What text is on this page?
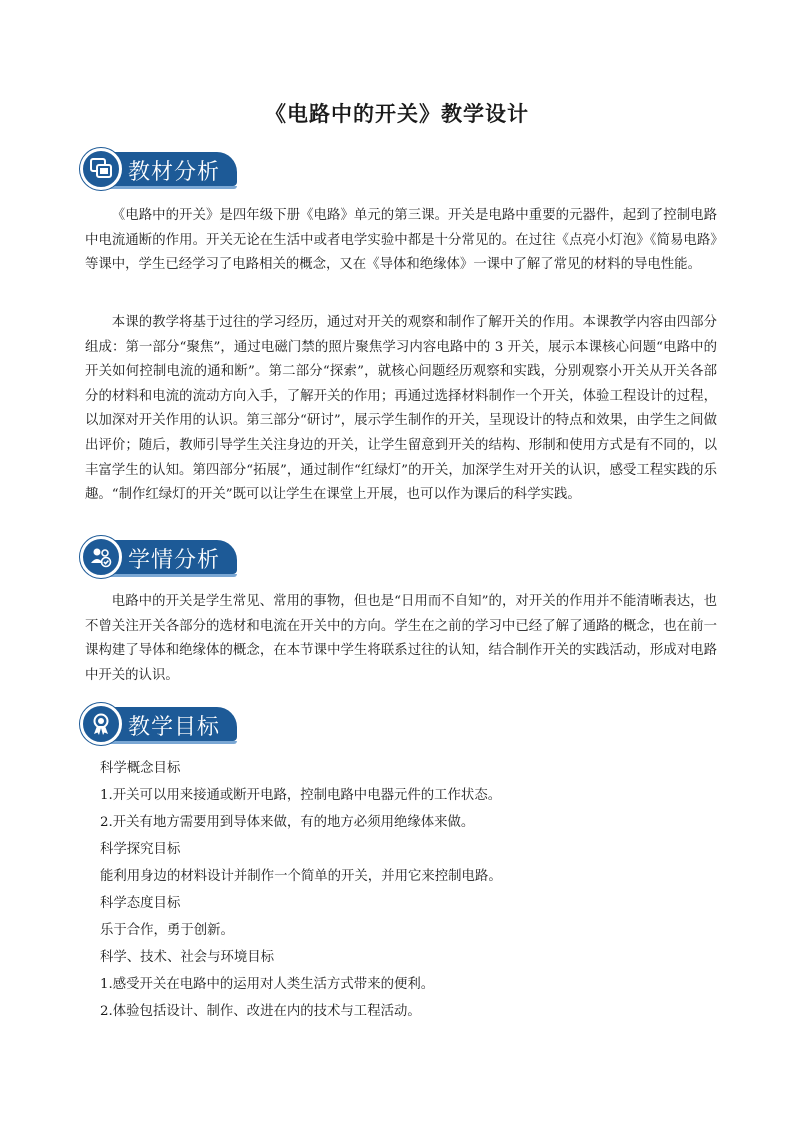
《电路中的开关》教学设计
教材分析

《电路中的开关》是四年级下册《电路》单元的第三课。开关是电路中重要的元器件，起到了控制电路中电流通断的作用。开关无论在生活中或者电学实验中都是十分常见的。在过往《点亮小灯泡》《简易电路》等课中，学生已经学习了电路相关的概念，又在《导体和绝缘体》一课中了解了常见的材料的导电性能。

本课的教学将基于过往的学习经历，通过对开关的观察和制作了解开关的作用。本课教学内容由四部分组成：第一部分“聚焦”，通过电磁门禁的照片聚焦学习内容电路中的 3 开关，展示本课核心问题“电路中的开关如何控制电流的通和断”。第二部分“探索”，就核心问题经历观察和实践，分别观察小开关从开关各部分的材料和电流的流动方向入手，了解开关的作用；再通过选择材料制作一个开关，体验工程设计的过程，以加深对开关作用的认识。第三部分“研讨”，展示学生制作的开关，呈现设计的特点和效果，由学生之间做出评价；随后，教师引导学生关注身边的开关，让学生留意到开关的结构、形制和使用方式是有不同的，以丰富学生的认知。第四部分“拓展”，通过制作“红绿灯”的开关，加深学生对开关的认识，感受工程实践的乐趣。“制作红绿灯的开关”既可以让学生在课堂上开展，也可以作为课后的科学实践。

学情分析

电路中的开关是学生常见、常用的事物，但也是“日用而不自知”的，对开关的作用并不能清晰表达，也不曾关注开关各部分的选材和电流在开关中的方向。学生在之前的学习中已经了解了通路的概念，也在前一课构建了导体和绝缘体的概念，在本节课中学生将联系过往的认知，结合制作开关的实践活动，形成对电路中开关的认识。

教学目标

科学概念目标

1.开关可以用来接通或断开电路，控制电路中电器元件的工作状态。

2.开关有地方需要用到导体来做，有的地方必须用绝缘体来做。

科学探究目标

能利用身边的材料设计并制作一个简单的开关，并用它来控制电路。

科学态度目标

乐于合作，勇于创新。

科学、技术、社会与环境目标

1.感受开关在电路中的运用对人类生活方式带来的便利。

2.体验包括设计、制作、改进在内的技术与工程活动。
